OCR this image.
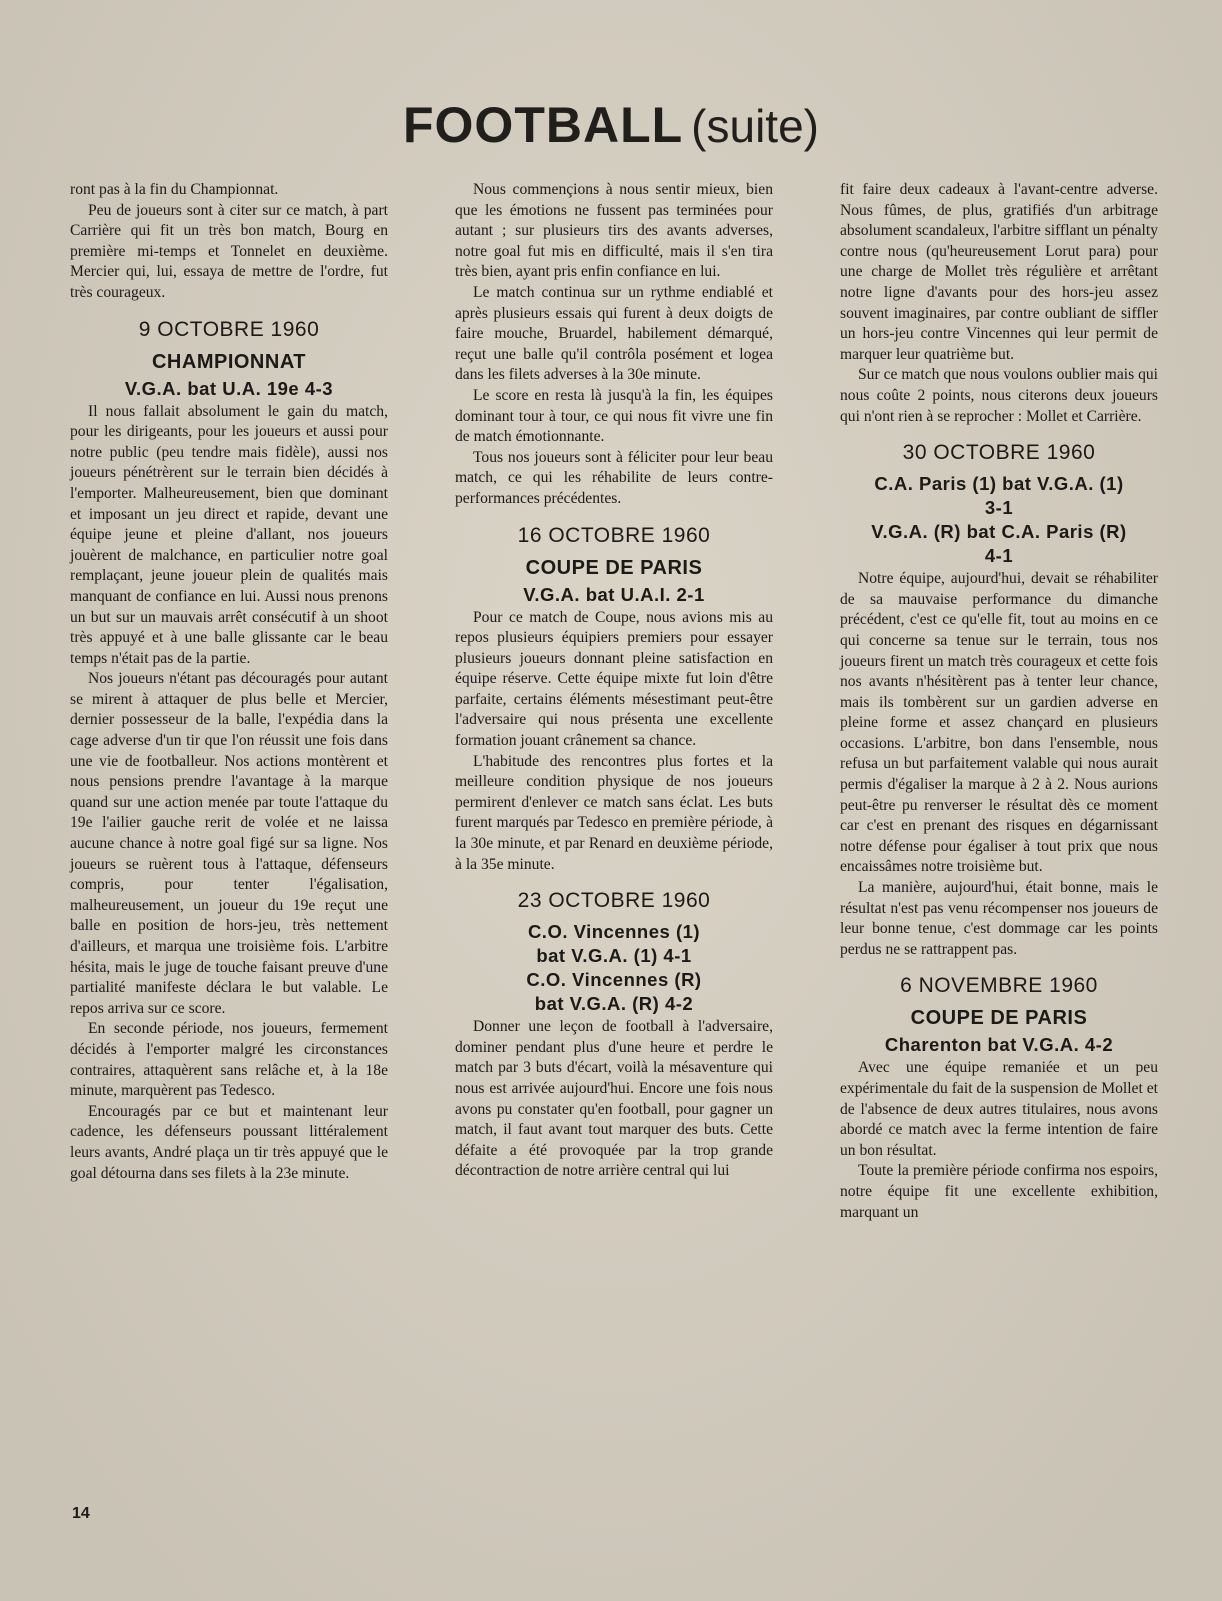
FOOTBALL (suite)

ront pas à la fin du Championnat.

Peu de joueurs sont à citer sur ce match, à part Carrière qui fit un très bon match, Bourg en première mi-temps et Tonnelet en deuxième. Mercier qui, lui, essaya de mettre de l'ordre, fut très courageux.

9 OCTOBRE 1960
CHAMPIONNAT
V.G.A. bat U.A. 19e 4-3

Il nous fallait absolument le gain du match, pour les dirigeants, pour les joueurs et aussi pour notre public (peu tendre mais fidèle), aussi nos joueurs pénétrèrent sur le terrain bien décidés à l'emporter. Malheureusement, bien que dominant et imposant un jeu direct et rapide, devant une équipe jeune et pleine d'allant, nos joueurs jouèrent de malchance, en particulier notre goal remplaçant, jeune joueur plein de qualités mais manquant de confiance en lui. Aussi nous prenons un but sur un mauvais arrêt consécutif à un shoot très appuyé et à une balle glissante car le beau temps n'était pas de la partie.

Nos joueurs n'étant pas découragés pour autant se mirent à attaquer de plus belle et Mercier, dernier possesseur de la balle, l'expédia dans la cage adverse d'un tir que l'on réussit une fois dans une vie de footballeur. Nos actions montèrent et nous pensions prendre l'avantage à la marque quand sur une action menée par toute l'attaque du 19e l'ailier gauche rerit de volée et ne laissa aucune chance à notre goal figé sur sa ligne. Nos joueurs se ruèrent tous à l'attaque, défenseurs compris, pour tenter l'égalisation, malheureusement, un joueur du 19e reçut une balle en position de hors-jeu, très nettement d'ailleurs, et marqua une troisième fois. L'arbitre hésita, mais le juge de touche faisant preuve d'une partialité manifeste déclara le but valable. Le repos arriva sur ce score.

En seconde période, nos joueurs, fermement décidés à l'emporter malgré les circonstances contraires, attaquèrent sans relâche et, à la 18e minute, marquèrent pas Tedesco.

Encouragés par ce but et maintenant leur cadence, les défenseurs poussant littéralement leurs avants, André plaça un tir très appuyé que le goal détourna dans ses filets à la 23e minute.

Nous commençions à nous sentir mieux, bien que les émotions ne fussent pas terminées pour autant ; sur plusieurs tirs des avants adverses, notre goal fut mis en difficulté, mais il s'en tira très bien, ayant pris enfin confiance en lui.

Le match continua sur un rythme endiablé et après plusieurs essais qui furent à deux doigts de faire mouche, Bruardel, habilement démarqué, reçut une balle qu'il contrôla posément et logea dans les filets adverses à la 30e minute.

Le score en resta là jusqu'à la fin, les équipes dominant tour à tour, ce qui nous fit vivre une fin de match émotionnante.

Tous nos joueurs sont à féliciter pour leur beau match, ce qui les réhabilite de leurs contre-performances précédentes.

16 OCTOBRE 1960
COUPE DE PARIS
V.G.A. bat U.A.I. 2-1

Pour ce match de Coupe, nous avions mis au repos plusieurs équipiers premiers pour essayer plusieurs joueurs donnant pleine satisfaction en équipe réserve. Cette équipe mixte fut loin d'être parfaite, certains éléments mésestimant peut-être l'adversaire qui nous présenta une excellente formation jouant crânement sa chance.

L'habitude des rencontres plus fortes et la meilleure condition physique de nos joueurs permirent d'enlever ce match sans éclat. Les buts furent marqués par Tedesco en première période, à la 30e minute, et par Renard en deuxième période, à la 35e minute.

23 OCTOBRE 1960
C.O. Vincennes (1)
bat V.G.A. (1) 4-1
C.O. Vincennes (R)
bat V.G.A. (R) 4-2

Donner une leçon de football à l'adversaire, dominer pendant plus d'une heure et perdre le match par 3 buts d'écart, voilà la mésaventure qui nous est arrivée aujourd'hui. Encore une fois nous avons pu constater qu'en football, pour gagner un match, il faut avant tout marquer des buts. Cette défaite a été provoquée par la trop grande décontraction de notre arrière central qui lui

fit faire deux cadeaux à l'avant-centre adverse. Nous fûmes, de plus, gratifiés d'un arbitrage absolument scandaleux, l'arbitre sifflant un pénalty contre nous (qu'heureusement Lorut para) pour une charge de Mollet très régulière et arrêtant notre ligne d'avants pour des hors-jeu assez souvent imaginaires, par contre oubliant de siffler un hors-jeu contre Vincennes qui leur permit de marquer leur quatrième but.

Sur ce match que nous voulons oublier mais qui nous coûte 2 points, nous citerons deux joueurs qui n'ont rien à se reprocher : Mollet et Carrière.

30 OCTOBRE 1960
C.A. Paris (1) bat V.G.A. (1)
3-1
V.G.A. (R) bat C.A. Paris (R)
4-1

Notre équipe, aujourd'hui, devait se réhabiliter de sa mauvaise performance du dimanche précédent, c'est ce qu'elle fit, tout au moins en ce qui concerne sa tenue sur le terrain, tous nos joueurs firent un match très courageux et cette fois nos avants n'hésitèrent pas à tenter leur chance, mais ils tombèrent sur un gardien adverse en pleine forme et assez chançard en plusieurs occasions. L'arbitre, bon dans l'ensemble, nous refusa un but parfaitement valable qui nous aurait permis d'égaliser la marque à 2 à 2. Nous aurions peut-être pu renverser le résultat dès ce moment car c'est en prenant des risques en dégarnissant notre défense pour égaliser à tout prix que nous encaissâmes notre troisième but.

La manière, aujourd'hui, était bonne, mais le résultat n'est pas venu récompenser nos joueurs de leur bonne tenue, c'est dommage car les points perdus ne se rattrappent pas.

6 NOVEMBRE 1960
COUPE DE PARIS
Charenton bat V.G.A. 4-2

Avec une équipe remaniée et un peu expérimentale du fait de la suspension de Mollet et de l'absence de deux autres titulaires, nous avons abordé ce match avec la ferme intention de faire un bon résultat.

Toute la première période confirma nos espoirs, notre équipe fit une excellente exhibition, marquant un

14
